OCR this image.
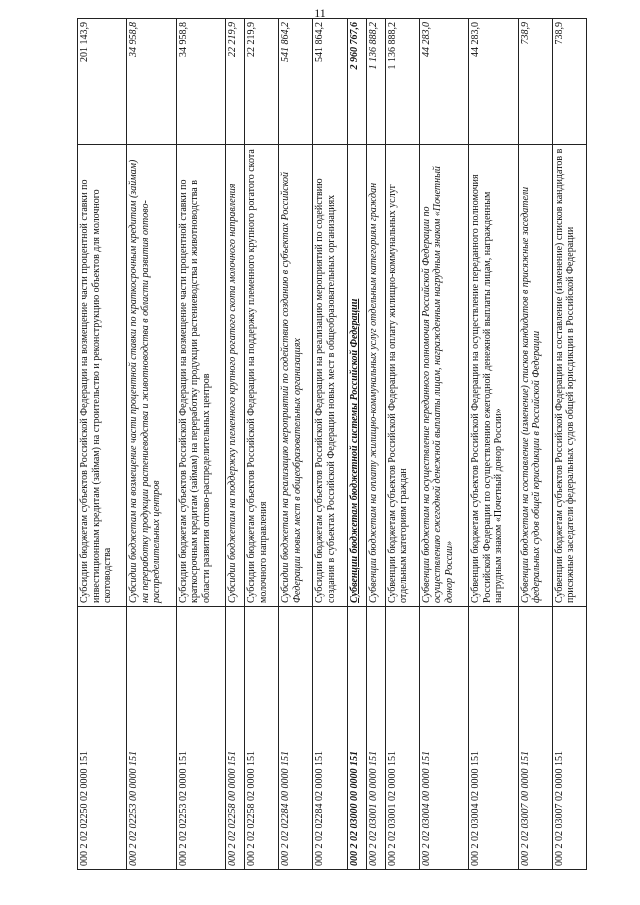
11
000 2 02 02250 02 0000 151	Субсидии бюджетам субъектов Российской Федерации на возмещение части процентной ставки по инвестиционным кредитам (займам) на строительство и реконструкцию объектов для молочного скотоводства	201 143,9
000 2 02 02253 00 0000 151	Субсидии бюджетам на возмещение части процентной ставки по краткосрочным кредитам (займам) на переработку продукции растениеводства и животноводства в области развития оптово-распределительных центров	34 958,8
000 2 02 02253 02 0000 151	Субсидии бюджетам субъектов Российской Федерации на возмещение части процентной ставки по краткосрочным кредитам (займам) на переработку продукции растениеводства и животноводства в области развития оптово-распределительных центров	34 958,8
000 2 02 02258 00 0000 151	Субсидии бюджетам на поддержку племенного крупного рогатого скота молочного направления	22 219,9
000 2 02 02258 02 0000 151	Субсидии бюджетам субъектов Российской Федерации на поддержку племенного крупного рогатого скота молочного направления	22 219,9
000 2 02 02284 00 0000 151	Субсидии бюджетам на реализацию мероприятий по содействию созданию в субъектах Российской Федерации новых мест в общеобразовательных организациях	541 864,2
000 2 02 02284 02 0000 151	Субсидии бюджетам субъектов Российской Федерации на реализацию мероприятий по содействию создания в субъектах Российской Федерации новых мест в общеобразовательных организациях	541 864,2
000 2 02 03000 00 0000 151	Субвенции бюджетам бюджетной системы Российской Федерации	2 960 767,6
000 2 02 03001 00 0000 151	Субвенции бюджетам на оплату жилищно-коммунальных услуг отдельным категориям граждан	1 136 888,2
000 2 02 03001 02 0000 151	Субвенции бюджетам субъектов Российской Федерации на оплату жилищно-коммунальных услуг отдельным категориям граждан	1 136 888,2
000 2 02 03004 00 0000 151	Субвенции бюджетам на осуществление переданного полномочия Российской Федерации по осуществлению ежегодной денежной выплаты лицам, награжденным нагрудным знаком «Почетный донор России»	44 283,0
000 2 02 03004 02 0000 151	Субвенции бюджетам субъектов Российской Федерации на осуществление переданного полномочия Российской Федерации по осуществлению ежегодной денежной выплаты лицам, награжденным нагрудным знаком «Почетный донор России»	44 283,0
000 2 02 03007 00 0000 151	Субвенции бюджетам на составление (изменение) списков кандидатов в присяжные заседатели федеральных судов общей юрисдикции в Российской Федерации	738,9
000 2 02 03007 02 0000 151	Субвенции бюджетам субъектов Российской Федерации на составление (изменение) списков кандидатов в присяжные заседатели федеральных судов общей юрисдикции в Российской Федерации	738,9
